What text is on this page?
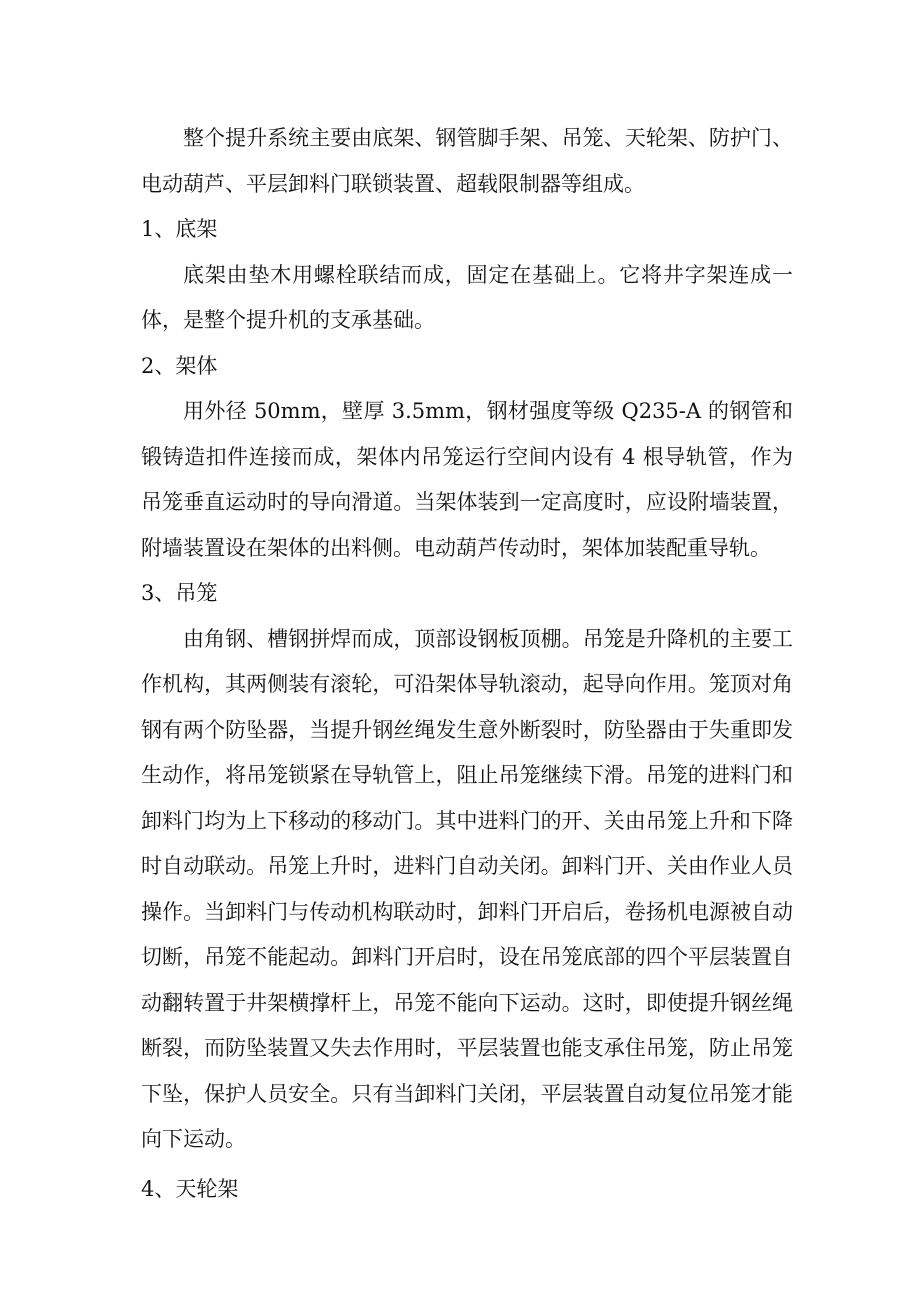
整个提升系统主要由底架、钢管脚手架、吊笼、天轮架、防护门、电动葫芦、平层卸料门联锁装置、超载限制器等组成。

1、底架

底架由垫木用螺栓联结而成，固定在基础上。它将井字架连成一体，是整个提升机的支承基础。

2、架体

用外径 50mm，壁厚 3.5mm，钢材强度等级 Q235-A 的钢管和锻铸造扣件连接而成，架体内吊笼运行空间内设有 4 根导轨管，作为吊笼垂直运动时的导向滑道。当架体装到一定高度时，应设附墙装置，附墙装置设在架体的出料侧。电动葫芦传动时，架体加装配重导轨。

3、吊笼

由角钢、槽钢拼焊而成，顶部设钢板顶棚。吊笼是升降机的主要工作机构，其两侧装有滚轮，可沿架体导轨滚动，起导向作用。笼顶对角钢有两个防坠器，当提升钢丝绳发生意外断裂时，防坠器由于失重即发生动作，将吊笼锁紧在导轨管上，阻止吊笼继续下滑。吊笼的进料门和卸料门均为上下移动的移动门。其中进料门的开、关由吊笼上升和下降时自动联动。吊笼上升时，进料门自动关闭。卸料门开、关由作业人员操作。当卸料门与传动机构联动时，卸料门开启后，卷扬机电源被自动切断，吊笼不能起动。卸料门开启时，设在吊笼底部的四个平层装置自动翻转置于井架横撑杆上，吊笼不能向下运动。这时，即使提升钢丝绳断裂，而防坠装置又失去作用时，平层装置也能支承住吊笼，防止吊笼下坠，保护人员安全。只有当卸料门关闭，平层装置自动复位吊笼才能向下运动。

4、天轮架
